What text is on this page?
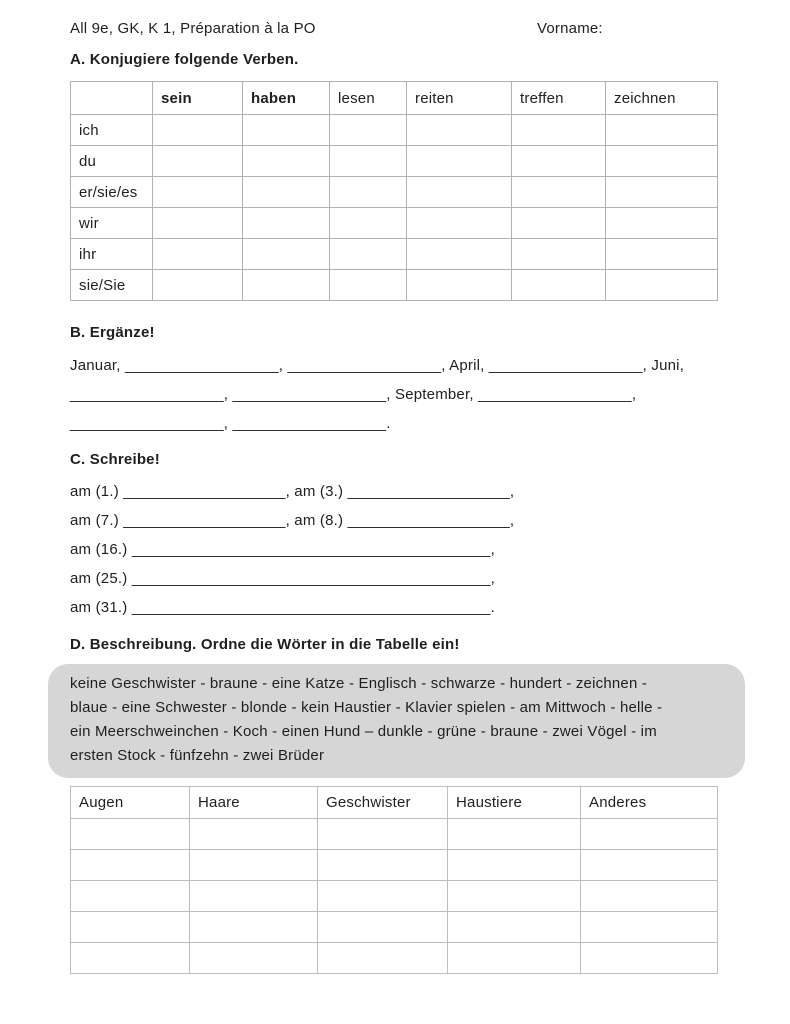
All 9e, GK, K 1, Préparation à la PO	Vorname:
A. Konjugiere folgende Verben.
	sein	haben	lesen	reiten	treffen	zeichnen
ich						
du						
er/sie/es						
wir						
ihr						
sie/Sie						
B. Ergänze!
Januar, __________________, __________________, April, __________________, Juni,
__________________, __________________, September, __________________,
__________________, __________________.
C. Schreibe!
am (1.) ___________________, am (3.) ___________________,
am (7.) ___________________, am (8.) ___________________,
am (16.) __________________________________________,
am (25.) __________________________________________,
am (31.) __________________________________________.
D. Beschreibung. Ordne die Wörter in die Tabelle ein!
keine Geschwister - braune - eine Katze - Englisch - schwarze - hundert - zeichnen -
blaue - eine Schwester - blonde - kein Haustier - Klavier spielen - am Mittwoch - helle -
ein Meerschweinchen - Koch - einen Hund – dunkle - grüne - braune - zwei Vögel - im
ersten Stock - fünfzehn - zwei Brüder
Augen	Haare	Geschwister	Haustiere	Anderes
